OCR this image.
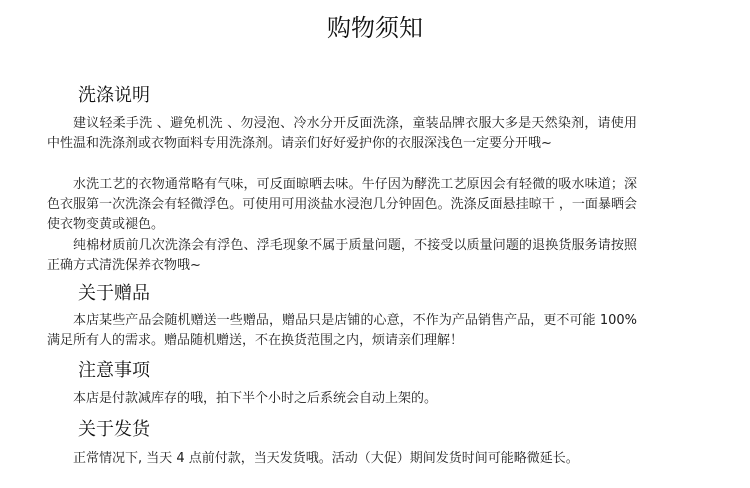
购物须知
洗涤说明

建议轻柔手洗 、避免机洗 、勿浸泡、冷水分开反面洗涤，童装品牌衣服大多是天然染剂，请使用中性温和洗涤剂或衣物面料专用洗涤剂。请亲们好好爱护你的衣服深浅色一定要分开哦~

水洗工艺的衣物通常略有气味，可反面晾晒去味。牛仔因为酵洗工艺原因会有轻微的吸水味道；深色衣服第一次洗涤会有轻微浮色。可使用可用淡盐水浸泡几分钟固色。洗涤反面悬挂晾干 ，一面暴晒会使衣物变黄或褪色。

纯棉材质前几次洗涤会有浮色、浮毛现象不属于质量问题，不接受以质量问题的退换货服务请按照正确方式清洗保养衣物哦~

关于赠品

本店某些产品会随机赠送一些赠品，赠品只是店铺的心意，不作为产品销售产品，更不可能 100%满足所有人的需求。赠品随机赠送，不在换货范围之内，烦请亲们理解！

注意事项

本店是付款减库存的哦，拍下半个小时之后系统会自动上架的。

关于发货

正常情况下, 当天 4 点前付款，当天发货哦。活动（大促）期间发货时间可能略微延长。
